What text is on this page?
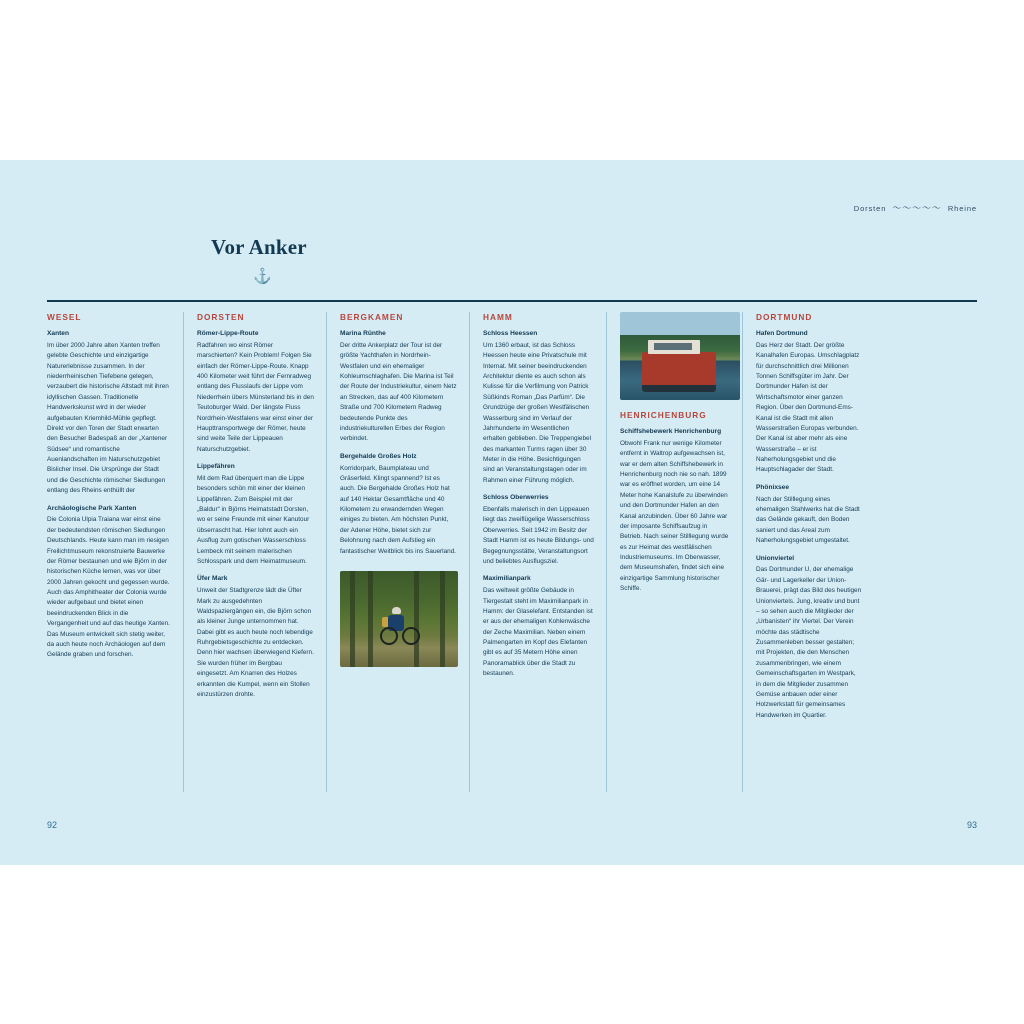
Dorsten 〜〜〜〜〜 Rheine
Vor Anker
⚓
WESEL
Xanten

Im über 2000 Jahre alten Xanten treffen gelebte Geschichte und einzigartige Naturerlebnisse zusammen. In der niederrheinischen Tiefebene gelegen, verzaubert die historische Altstadt mit ihren idyllischen Gassen. Traditionelle Handwerkskunst wird in der wieder aufgebauten Kriemhild-Mühle gepflegt. Direkt vor den Toren der Stadt erwarten den Besucher Badespaß an der „Xantener Südsee“ und romantische Auenlandschaften im Naturschutzgebiet Bislicher Insel. Die Ursprünge der Stadt und die Geschichte römischer Siedlungen entlang des Rheins enthüllt der

Archäologische Park Xanten

Die Colonia Ulpia Traiana war einst eine der bedeutendsten römischen Siedlungen Deutschlands. Heute kann man im riesigen Freilichtmuseum rekonstruierte Bauwerke der Römer bestaunen und wie Björn in der historischen Küche lernen, was vor über 2000 Jahren gekocht und gegessen wurde. Auch das Amphitheater der Colonia wurde wieder aufgebaut und bietet einen beeindruckenden Blick in die Vergangenheit und auf das heutige Xanten. Das Museum entwickelt sich stetig weiter, da auch heute noch Archäologen auf dem Gelände graben und forschen.

DORSTEN
Römer-Lippe-Route

Radfahren wo einst Römer marschierten? Kein Problem! Folgen Sie einfach der Römer-Lippe-Route. Knapp 400 Kilometer weit führt der Fernradweg entlang des Flusslaufs der Lippe vom Niederrhein übers Münsterland bis in den Teutoburger Wald. Der längste Fluss Nordrhein-Westfalens war einst einer der Haupttransportwege der Römer, heute sind weite Teile der Lippeauen Naturschutzgebiet.

Lippefähren

Mit dem Rad überquert man die Lippe besonders schön mit einer der kleinen Lippefähren. Zum Beispiel mit der „Baldur“ in Björns Heimatstadt Dorsten, wo er seine Freunde mit einer Kanutour übserrascht hat. Hier lohnt auch ein Ausflug zum gotischen Wasserschloss Lembeck mit seinem malerischen Schlosspark und dem Heimatmuseum.

Üfer Mark

Unweit der Stadtgrenze lädt die Üfter Mark zu ausgedehnten Waldspaziergängen ein, die Björn schon als kleiner Junge unternommen hat. Dabei gibt es auch heute noch lebendige Ruhrgebietsgeschichte zu entdecken. Denn hier wachsen überwiegend Kiefern. Sie wurden früher im Bergbau eingesetzt. Am Knarren des Holzes erkannten die Kumpel, wenn ein Stollen einzustürzen drohte.

BERGKAMEN
Marina Rünthe

Der dritte Ankerplatz der Tour ist der größte Yachthafen in Nordrhein-Westfalen und ein ehemaliger Kohleumschlaghafen. Die Marina ist Teil der Route der Industriekultur, einem Netz an Strecken, das auf 400 Kilometern Straße und 700 Kilometern Radweg bedeutende Punkte des industriekulturellen Erbes der Region verbindet.

Bergehalde Großes Holz

Korridorpark, Baumplateau und Gräserfeld. Klingt spannend? Ist es auch. Die Bergehalde Großes Holz hat auf 140 Hektar Gesamtfläche und 40 Kilometern zu erwandernden Wegen einiges zu bieten. Am höchsten Punkt, der Adener Höhe, bietet sich zur Belohnung nach dem Aufstieg ein fantastischer Weitblick bis ins Sauerland.

HAMM
Schloss Heessen

Um 1360 erbaut, ist das Schloss Heessen heute eine Privatschule mit Internat. Mit seiner beeindruckenden Architektur diente es auch schon als Kulisse für die Verfilmung von Patrick Süßkinds Roman „Das Parfüm“. Die Grundzüge der großen Westfälischen Wasserburg sind im Verlauf der Jahrhunderte im Wesentlichen erhalten geblieben. Die Treppengiebel des markanten Turms ragen über 30 Meter in die Höhe. Besichtigungen sind an Veranstaltungstagen oder im Rahmen einer Führung möglich.

Schloss Oberwerries

Ebenfalls malerisch in den Lippeauen liegt das zweiflügelige Wasserschloss Oberwerries. Seit 1942 im Besitz der Stadt Hamm ist es heute Bildungs- und Begegnungsstätte, Veranstaltungsort und beliebtes Ausflugsziel.

Maximilianpark

Das weltweit größte Gebäude in Tiergestalt steht im Maximilianpark in Hamm: der Glaselefant. Entstanden ist er aus der ehemaligen Kohlenwäsche der Zeche Maximilian. Neben einem Palmengarten im Kopf des Elefanten gibt es auf 35 Metern Höhe einen Panoramablick über die Stadt zu bestaunen.

HENRICHENBURG
Schiffshebewerk Henrichenburg

Obwohl Frank nur wenige Kilometer entfernt in Waltrop aufgewachsen ist, war er dem alten Schiffshebewerk in Henrichenburg noch nie so nah. 1899 war es eröffnet worden, um eine 14 Meter hohe Kanalstufe zu überwinden und den Dortmunder Hafen an den Kanal anzubinden. Über 60 Jahre war der imposante Schiffsaufzug in Betrieb. Nach seiner Stilllegung wurde es zur Heimat des westfälischen Industriemuseums. Im Oberwasser, dem Museumshafen, findet sich eine einzigartige Sammlung historischer Schiffe.

DORTMUND
Hafen Dortmund

Das Herz der Stadt. Der größte Kanalhafen Europas. Umschlagplatz für durchschnittlich drei Millionen Tonnen Schiffsgüter im Jahr. Der Dortmunder Hafen ist der Wirtschaftsmotor einer ganzen Region. Über den Dortmund-Ems-Kanal ist die Stadt mit allen Wasserstraßen Europas verbunden. Der Kanal ist aber mehr als eine Wasserstraße – er ist Naherholungsgebiet und die Hauptschlagader der Stadt.

Phönixsee

Nach der Stilllegung eines ehemaligen Stahlwerks hat die Stadt das Gelände gekauft, den Boden saniert und das Areal zum Naherholungsgebiet umgestaltet.

Unionviertel

Das Dortmunder U, der ehemalige Gär- und Lagerkeller der Union-Brauerei, prägt das Bild des heutigen Unionviertels. Jung, kreativ und bunt – so sehen auch die Mitglieder der „Urbanisten“ ihr Viertel. Der Verein möchte das städtische Zusammenleben besser gestalten; mit Projekten, die den Menschen zusammenbringen, wie einem Gemeinschaftsgarten im Westpark, in dem die Mitglieder zusammen Gemüse anbauen oder einer Holzwerkstatt für gemeinsames Handwerken im Quartier.

92	93
